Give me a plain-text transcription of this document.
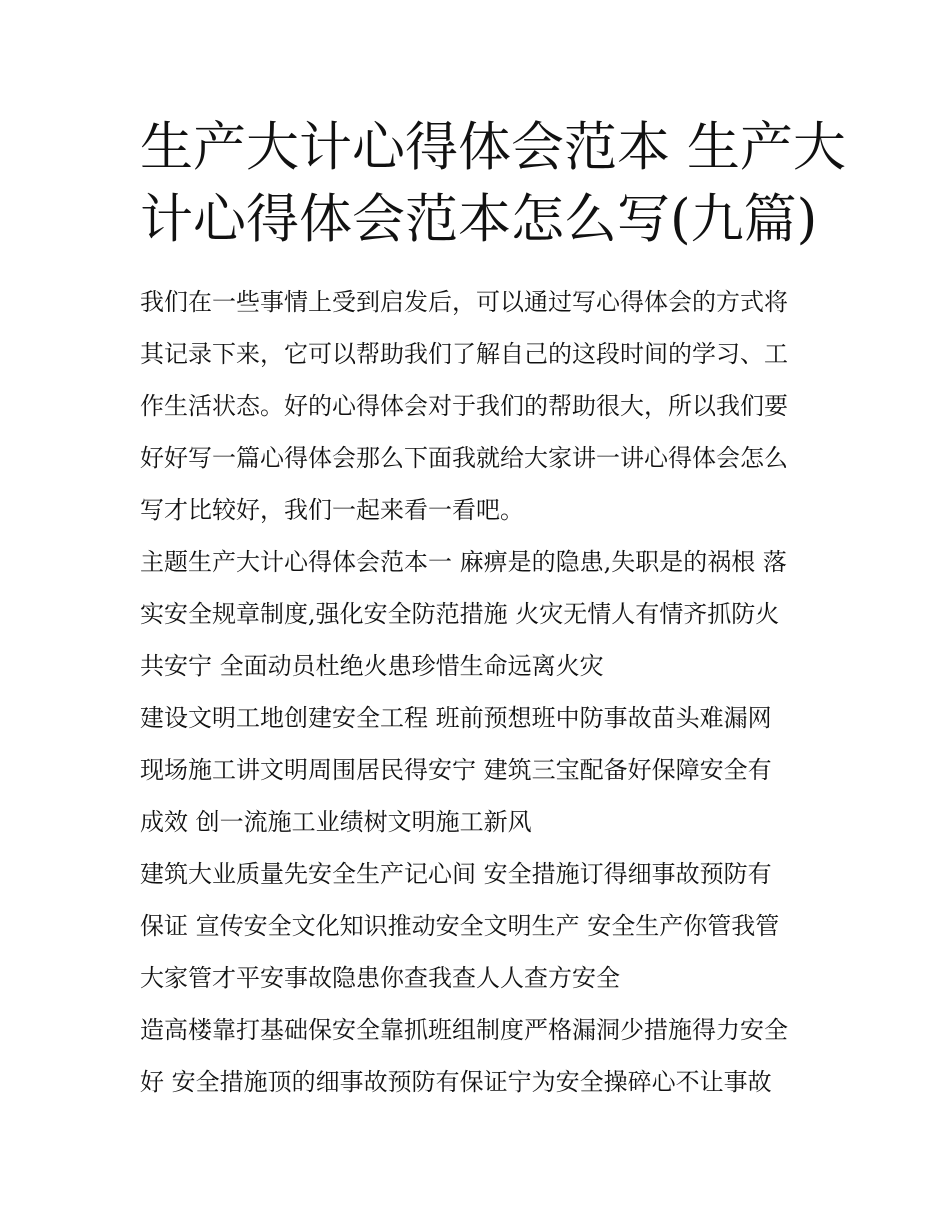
生产大计心得体会范本 生产大
计心得体会范本怎么写(九篇)
我们在一些事情上受到启发后，可以通过写心得体会的方式将
其记录下来，它可以帮助我们了解自己的这段时间的学习、工
作生活状态。好的心得体会对于我们的帮助很大，所以我们要
好好写一篇心得体会那么下面我就给大家讲一讲心得体会怎么
写才比较好，我们一起来看一看吧。
主题生产大计心得体会范本一 麻痹是的隐患,失职是的祸根 落
实安全规章制度,强化安全防范措施 火灾无情人有情齐抓防火
共安宁 全面动员杜绝火患珍惜生命远离火灾
建设文明工地创建安全工程 班前预想班中防事故苗头难漏网
现场施工讲文明周围居民得安宁 建筑三宝配备好保障安全有
成效 创一流施工业绩树文明施工新风
建筑大业质量先安全生产记心间 安全措施订得细事故预防有
保证 宣传安全文化知识推动安全文明生产 安全生产你管我管
大家管才平安事故隐患你查我查人人查方安全
造高楼靠打基础保安全靠抓班组制度严格漏洞少措施得力安全
好 安全措施顶的细事故预防有保证宁为安全操碎心不让事故
